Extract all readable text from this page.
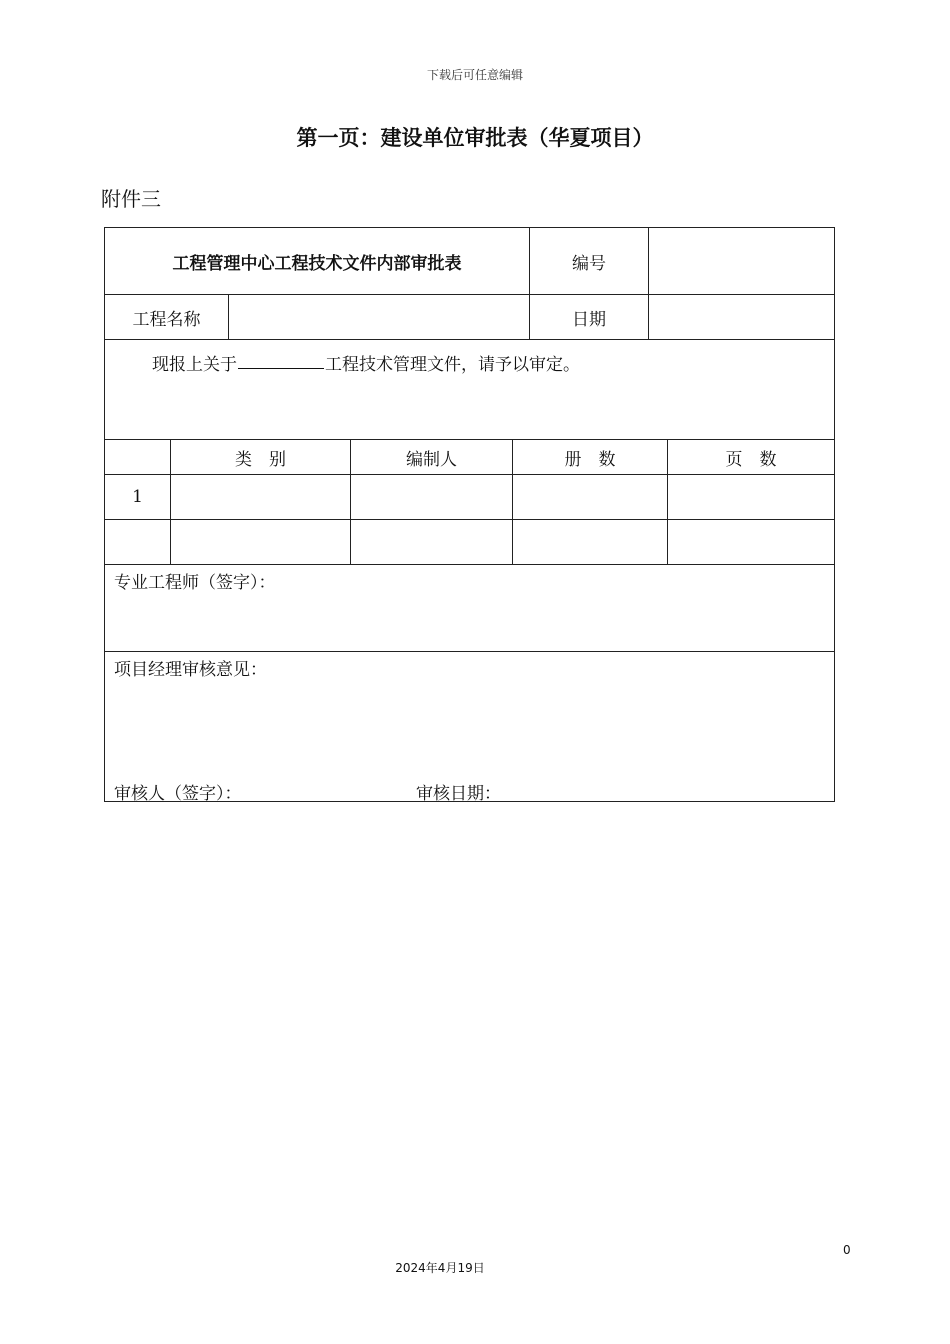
下载后可任意编辑
第一页：建设单位审批表（华夏项目）
附件三
工程管理中心工程技术文件内部审批表	编号
工程名称	日期
现报上关于	工程技术管理文件，请予以审定。
类　别	编制人	册　数	页　数
1
专业工程师（签字）：
项目经理审核意见：
审核人（签字）：	审核日期：
0
2024年4月19日
